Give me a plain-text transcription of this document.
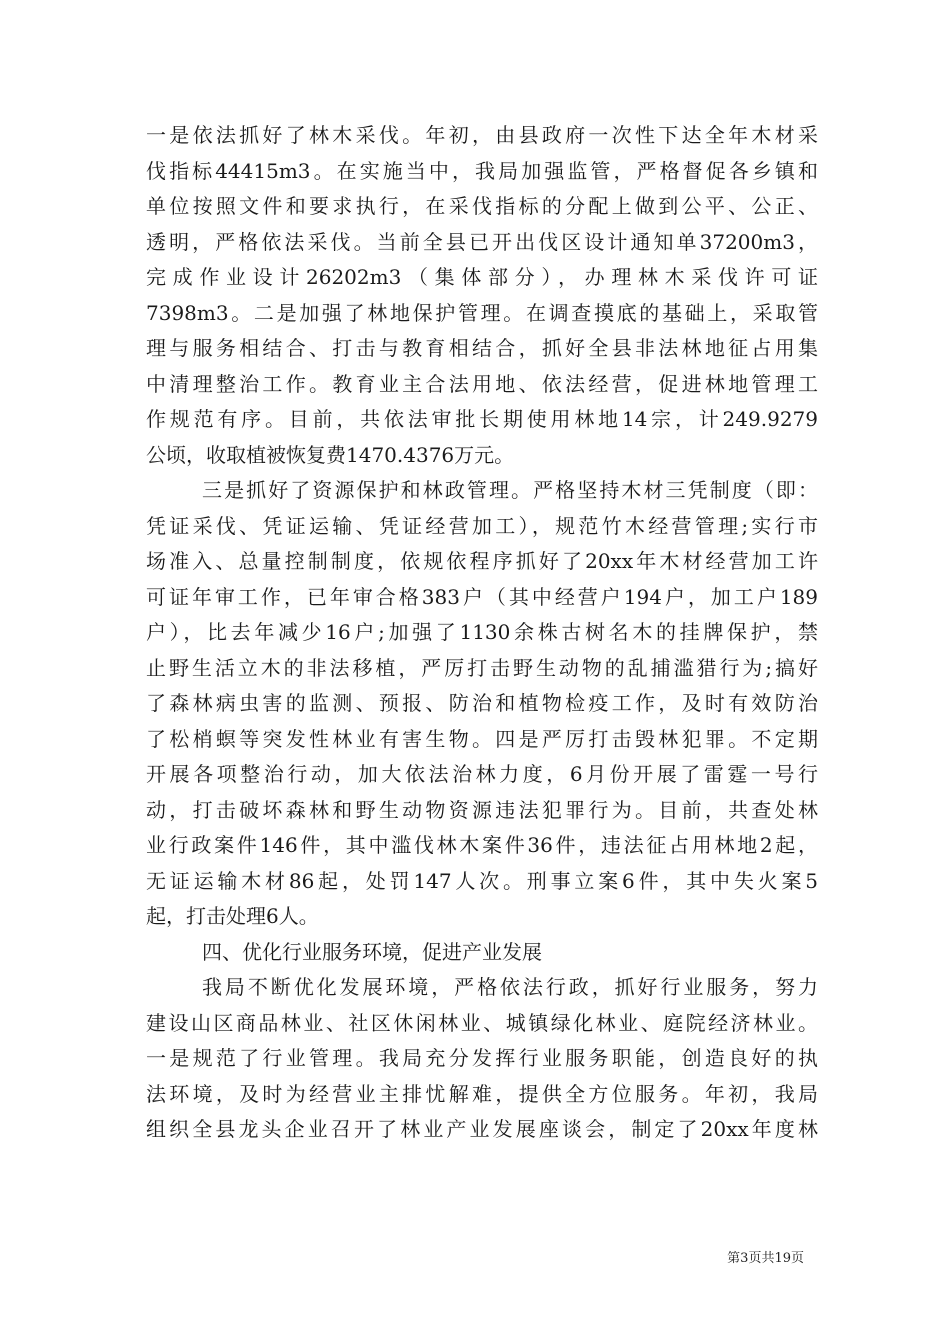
一是依法抓好了林木采伐。年初，由县政府一次性下达全年木材采
伐指标44415m3。在实施当中，我局加强监管，严格督促各乡镇和
单位按照文件和要求执行，在采伐指标的分配上做到公平、公正、
透明，严格依法采伐。当前全县已开出伐区设计通知单37200m3，
完成作业设计26202m3（集体部分），办理林木采伐许可证
7398m3。二是加强了林地保护管理。在调查摸底的基础上，采取管
理与服务相结合、打击与教育相结合，抓好全县非法林地征占用集
中清理整治工作。教育业主合法用地、依法经营，促进林地管理工
作规范有序。目前，共依法审批长期使用林地14宗，计249.9279
公顷，收取植被恢复费1470.4376万元。
三是抓好了资源保护和林政管理。严格坚持木材三凭制度（即：
凭证采伐、凭证运输、凭证经营加工），规范竹木经营管理;实行市
场准入、总量控制制度，依规依程序抓好了20xx年木材经营加工许
可证年审工作，已年审合格383户（其中经营户194户，加工户189
户），比去年减少16户;加强了1130余株古树名木的挂牌保护，禁
止野生活立木的非法移植，严厉打击野生动物的乱捕滥猎行为;搞好
了森林病虫害的监测、预报、防治和植物检疫工作，及时有效防治
了松梢螟等突发性林业有害生物。四是严厉打击毁林犯罪。不定期
开展各项整治行动，加大依法治林力度，6月份开展了雷霆一号行
动，打击破坏森林和野生动物资源违法犯罪行为。目前，共查处林
业行政案件146件，其中滥伐林木案件36件，违法征占用林地2起，
无证运输木材86起，处罚147人次。刑事立案6件，其中失火案5
起，打击处理6人。
四、优化行业服务环境，促进产业发展
我局不断优化发展环境，严格依法行政，抓好行业服务，努力
建设山区商品林业、社区休闲林业、城镇绿化林业、庭院经济林业。
一是规范了行业管理。我局充分发挥行业服务职能，创造良好的执
法环境，及时为经营业主排忧解难，提供全方位服务。年初，我局
组织全县龙头企业召开了林业产业发展座谈会，制定了20xx年度林
第3页共19页
